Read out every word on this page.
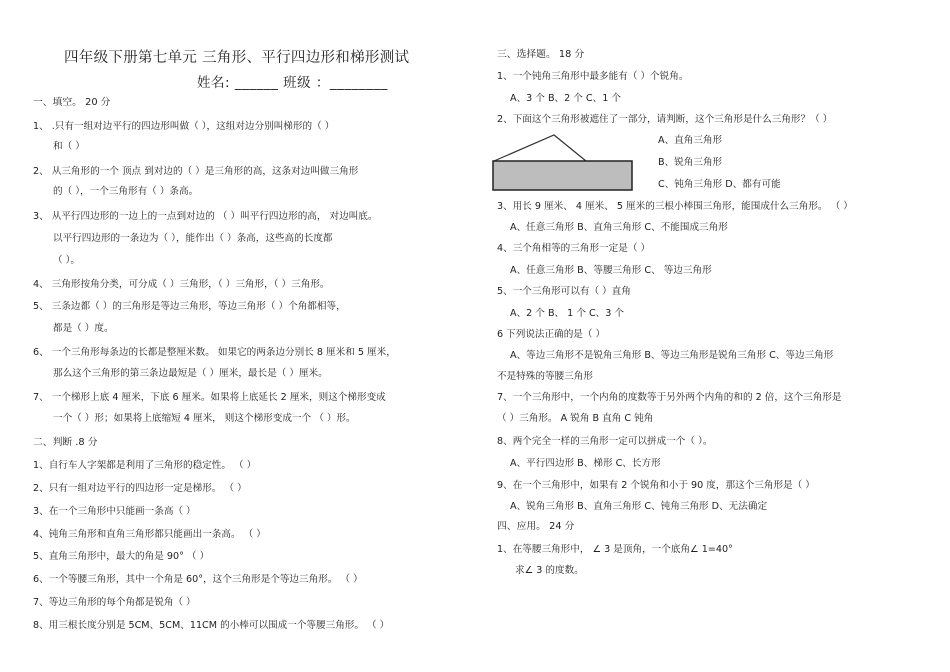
四年级下册第七单元 三角形、平行四边形和梯形测试
姓名: ______ 班级 ：________
一、填空。 20 分
1、 .只有一组对边平行的四边形叫做（ ），这组对边分别叫梯形的（ ）
和（ ）
2、 从三角形的一个 顶点 到对边的（ ）是三角形的高，这条对边叫做三角形
的（ ），一个三角形有（ ）条高。
3、 从平行四边形的一边上的一点到对边的 （ ）叫平行四边形的高， 对边叫底。
以平行四边形的一条边为（ ），能作出（ ）条高，这些高的长度都
（ ）。
4、 三角形按角分类，可分成（ ）三角形，（ ）三角形，（ ）三角形。
5、 三条边都（ ）的三角形是等边三角形，等边三角形（ ）个角都相等，
都是（ ）度。
6、 一个三角形每条边的长都是整厘米数。 如果它的两条边分别长 8 厘米和 5 厘米，
那么这个三角形的第三条边最短是（ ）厘米，最长是（ ）厘米。
7、 一个梯形上底 4 厘米，下底 6 厘米。如果将上底延长 2 厘米，则这个梯形变成
一个（ ）形；如果将上底缩短 4 厘米， 则这个梯形变成一个 （ ）形。
二、判断 .8 分
1、自行车人字架都是利用了三角形的稳定性。 （ ）
2、只有一组对边平行的四边形一定是梯形。 （ ）
3、在一个三角形中只能画一条高（ ）
4、钝角三角形和直角三角形都只能画出一条高。 （ ）
5、直角三角形中，最大的角是 90° （ ）
6、一个等腰三角形，其中一个角是 60°，这个三角形是个等边三角形。 （ ）
7、等边三角形的每个角都是锐角（ ）
8、用三根长度分别是 5CM、5CM、11CM 的小棒可以围成一个等腰三角形。 （ ）
三、选择题。 18 分
1、一个钝角三角形中最多能有（ ）个锐角。
A、3 个 B、2 个 C、1 个
2、下面这个三角形被遮住了一部分，请判断，这个三角形是什么三角形？（ ）
A、直角三角形
B、锐角三角形
C、钝角三角形 D、都有可能
3、用长 9 厘米、 4 厘米、 5 厘米的三根小棒围三角形，能围成什么三角形。 （ ）
A、任意三角形 B、直角三角形 C、不能围成三角形
4、三个角相等的三角形一定是（ ）
A、任意三角形 B、等腰三角形 C、 等边三角形
5、一个三角形可以有（ ）直角
A、2 个 B、 1 个 C、3 个
6 下列说法正确的是（ ）
A、等边三角形不是锐角三角形 B、等边三角形是锐角三角形 C、等边三角形
不是特殊的等腰三角形
7、一个三角形中，一个内角的度数等于另外两个内角的和的 2 倍，这个三角形是
（ ）三角形。 A 锐角 B 直角 C 钝角
8、两个完全一样的三角形一定可以拼成一个（ ）。
A、平行四边形 B、梯形 C、长方形
9、在一个三角形中，如果有 2 个锐角和小于 90 度，那这个三角形是（ ）
A、锐角三角形 B、直角三角形 C、钝角三角形 D、无法确定
四、应用。 24 分
1、在等腰三角形中， ∠ 3 是顶角，一个底角∠ 1=40°
求∠ 3 的度数。
